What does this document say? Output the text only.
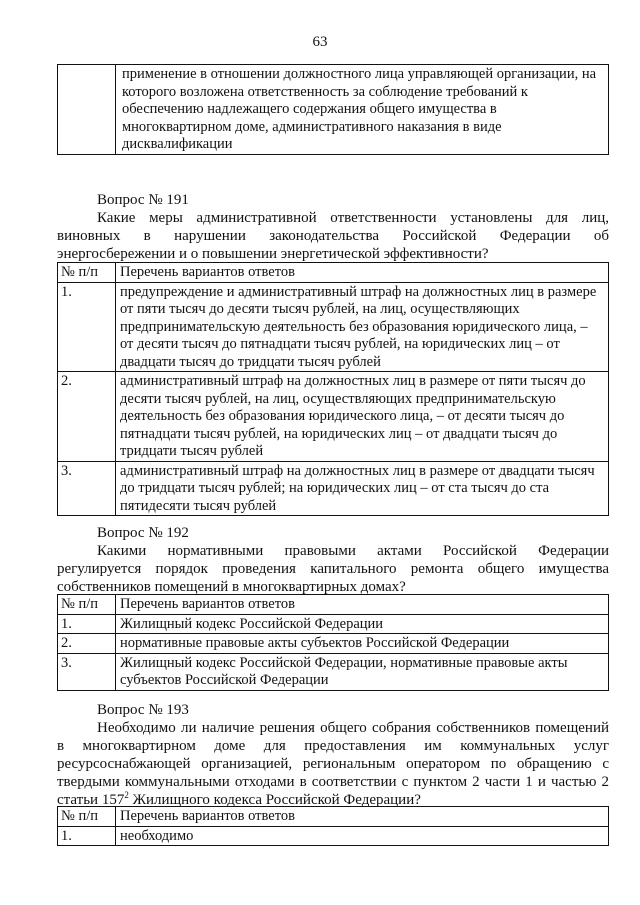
63
	применение в отношении должностного лица управляющей организации, на которого возложена ответственность за соблюдение требований к обеспечению надлежащего содержания общего имущества в многоквартирном доме, административного наказания в виде дисквалификации
Вопрос № 191
Какие меры административной ответственности установлены для лиц, виновных в нарушении законодательства Российской Федерации об энергосбережении и о повышении энергетической эффективности?
№ п/п	Перечень вариантов ответов
1.	предупреждение и административный штраф на должностных лиц в размере от пяти тысяч до десяти тысяч рублей, на лиц, осуществляющих предпринимательскую деятельность без образования юридического лица, – от десяти тысяч до пятнадцати тысяч рублей, на юридических лиц – от двадцати тысяч до тридцати тысяч рублей
2.	административный штраф на должностных лиц в размере от пяти тысяч до десяти тысяч рублей, на лиц, осуществляющих предпринимательскую деятельность без образования юридического лица, – от десяти тысяч до пятнадцати тысяч рублей, на юридических лиц – от двадцати тысяч до тридцати тысяч рублей
3.	административный штраф на должностных лиц в размере от двадцати тысяч до тридцати тысяч рублей; на юридических лиц – от ста тысяч до ста пятидесяти тысяч рублей
Вопрос № 192
Какими нормативными правовыми актами Российской Федерации регулируется порядок проведения капитального ремонта общего имущества собственников помещений в многоквартирных домах?
№ п/п	Перечень вариантов ответов
1.	Жилищный кодекс Российской Федерации
2.	нормативные правовые акты субъектов Российской Федерации
3.	Жилищный кодекс Российской Федерации, нормативные правовые акты субъектов Российской Федерации
Вопрос № 193
Необходимо ли наличие решения общего собрания собственников помещений в многоквартирном доме для предоставления им коммунальных услуг ресурсоснабжающей организацией, региональным оператором по обращению с твердыми коммунальными отходами в соответствии с пунктом 2 части 1 и частью 2 статьи $157^2$ Жилищного кодекса Российской Федерации?
№ п/п	Перечень вариантов ответов
1.	необходимо
